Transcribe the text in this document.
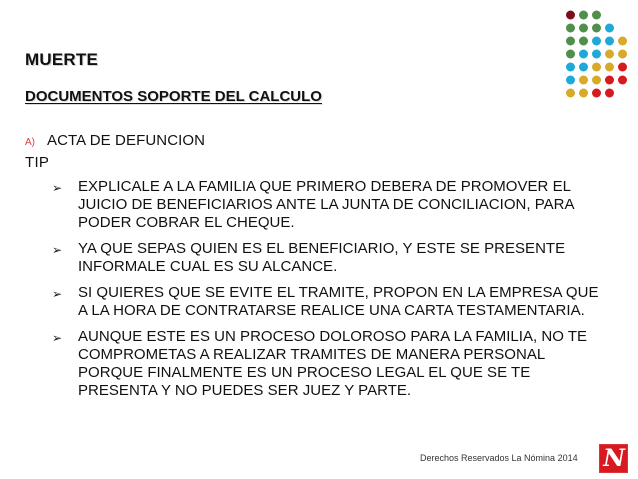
MUERTE
DOCUMENTOS SOPORTE DEL CALCULO
A) ACTA DE DEFUNCION
TIP
➢ EXPLICALE A LA FAMILIA QUE PRIMERO DEBERA DE PROMOVER EL JUICIO DE BENEFICIARIOS ANTE LA JUNTA DE CONCILIACION, PARA PODER COBRAR EL CHEQUE.
➢ YA QUE SEPAS QUIEN ES EL BENEFICIARIO, Y ESTE SE PRESENTE INFORMALE CUAL ES SU ALCANCE.
➢ SI QUIERES QUE SE EVITE EL TRAMITE, PROPON EN LA EMPRESA QUE A LA HORA DE CONTRATARSE REALICE UNA CARTA TESTAMENTARIA.
➢ AUNQUE ESTE ES UN PROCESO DOLOROSO PARA LA FAMILIA, NO TE COMPROMETAS A REALIZAR TRAMITES DE MANERA PERSONAL PORQUE FINALMENTE ES UN PROCESO LEGAL EL QUE SE TE PRESENTA Y NO PUEDES SER JUEZ Y PARTE.
Derechos Reservados La Nómina 2014 N
